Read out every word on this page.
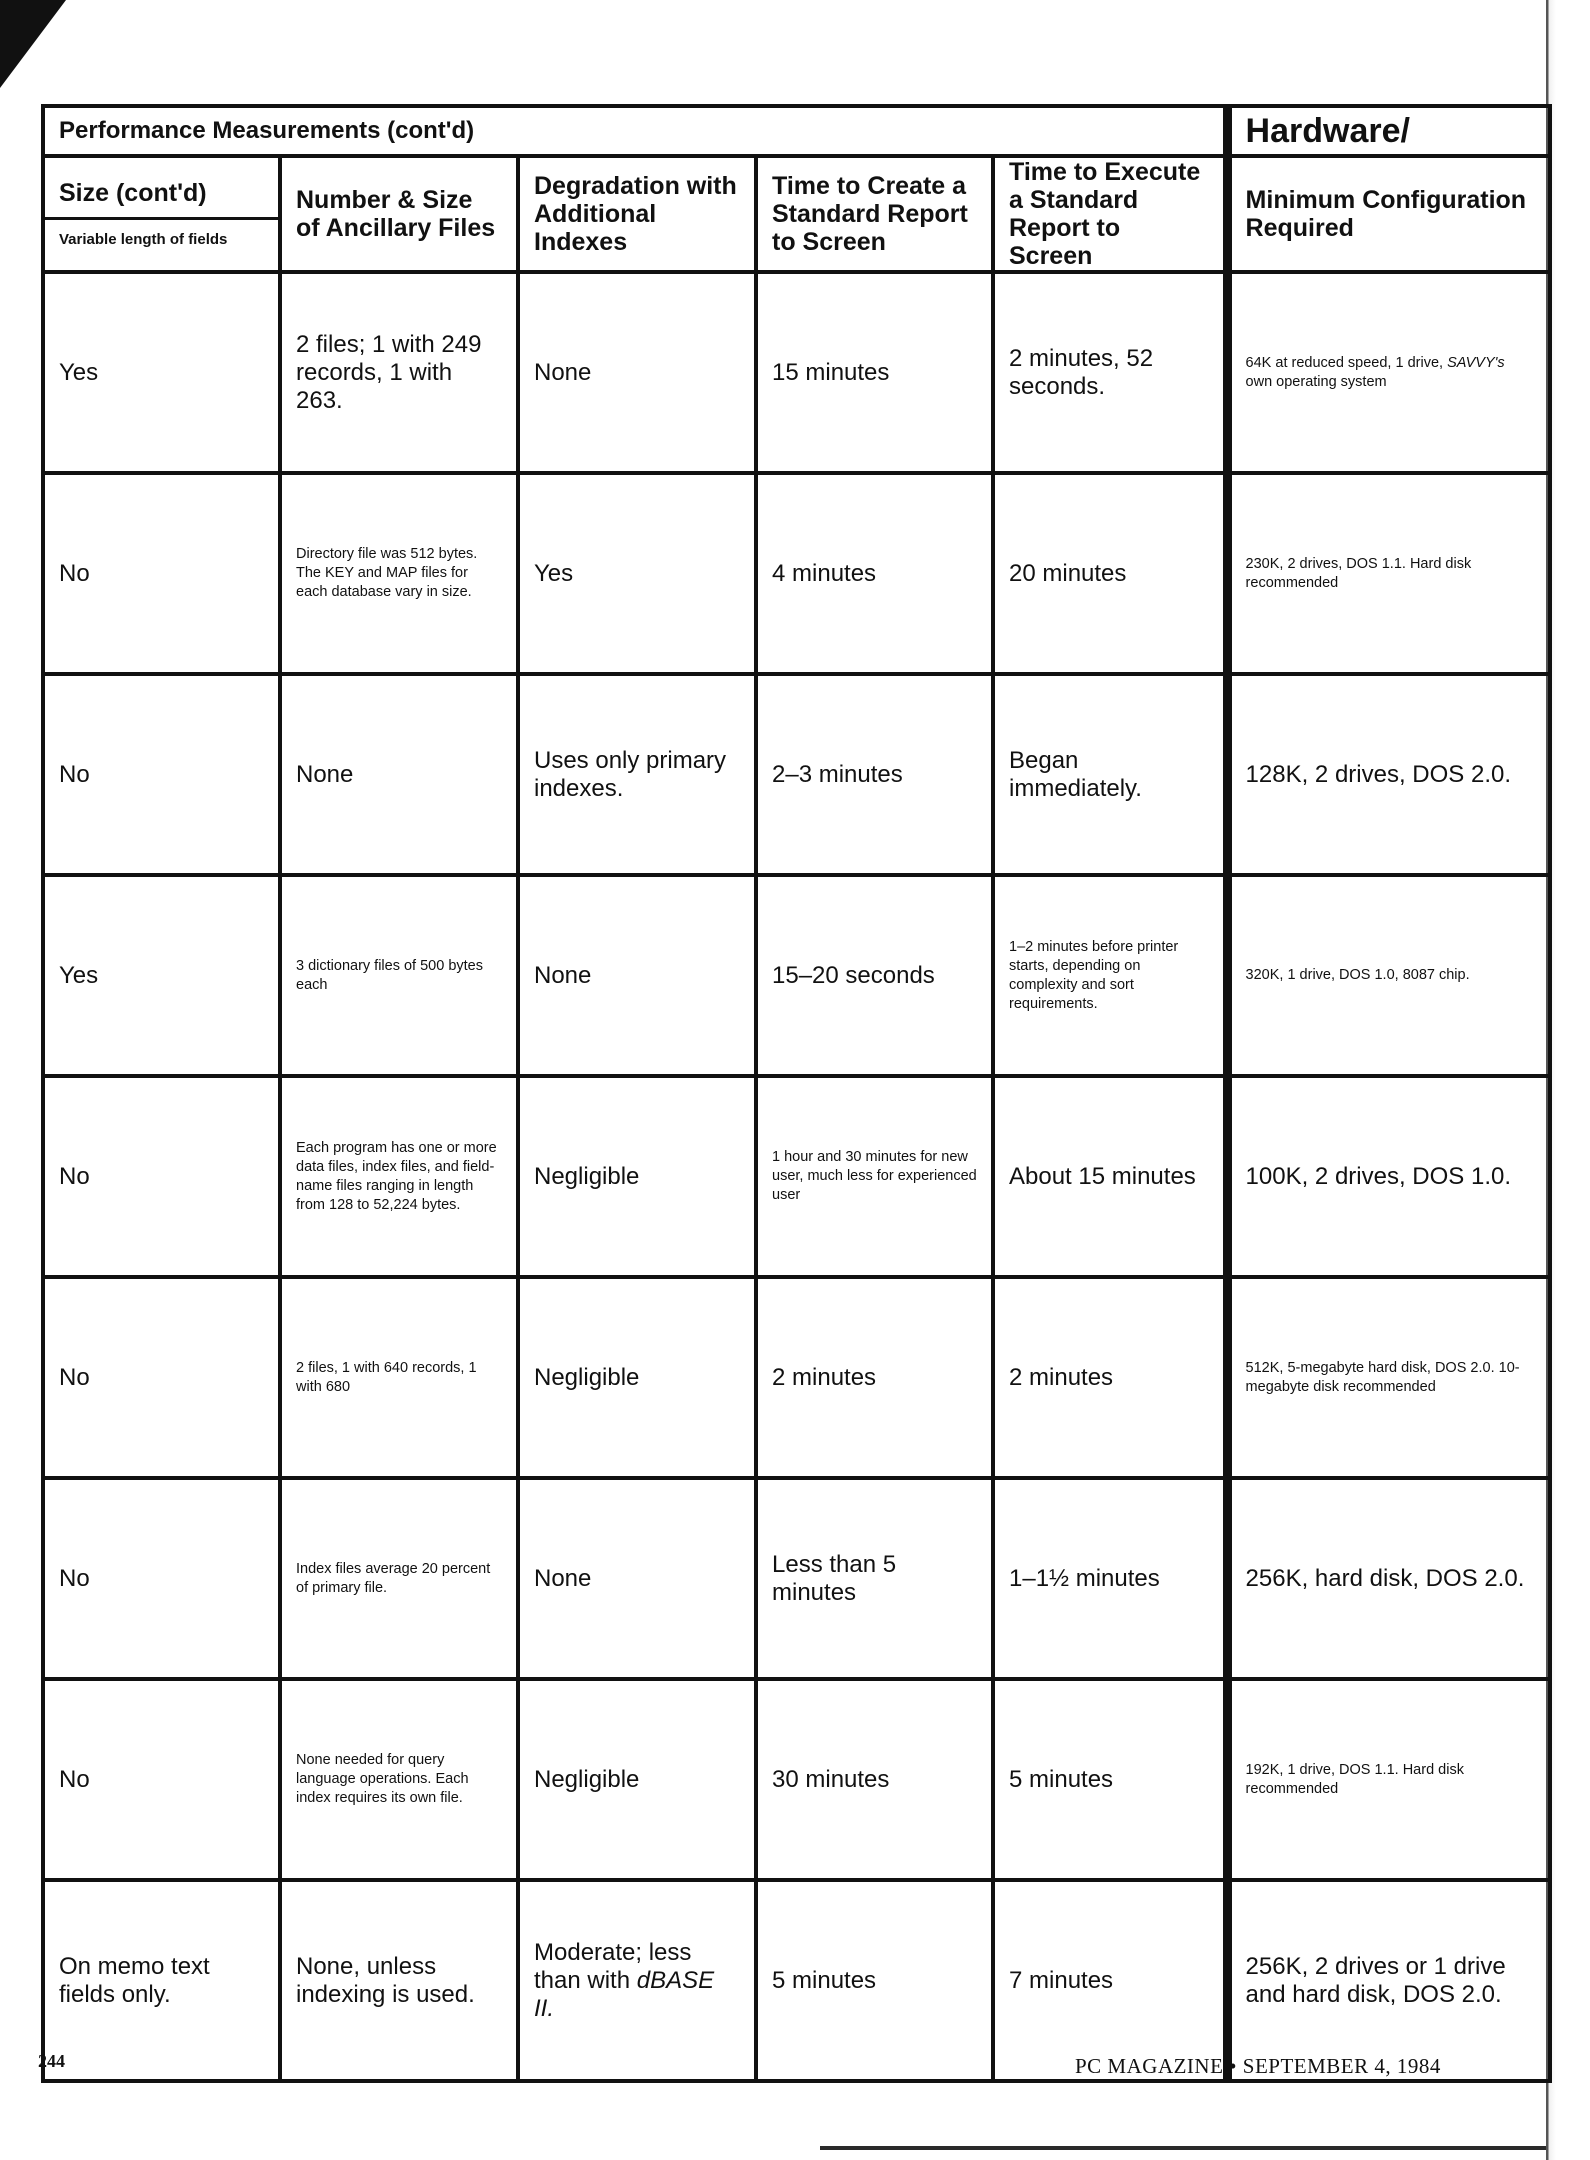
Performance Measurements (cont'd)					Hardware/

Size (cont'd)
Variable length of fields	Number & Size of Ancillary Files	Degradation with Additional Indexes	Time to Create a Standard Report to Screen	Time to Execute a Standard Report to Screen	Minimum Configuration Required
Yes	2 files; 1 with 249 records, 1 with 263.	None	15 minutes	2 minutes, 52 seconds.	64K at reduced speed, 1 drive, SAVVY's own operating system
No	Directory file was 512 bytes. The KEY and MAP files for each database vary in size.	Yes	4 minutes	20 minutes	230K, 2 drives, DOS 1.1. Hard disk recommended
No	None	Uses only primary indexes.	2–3 minutes	Began immediately.	128K, 2 drives, DOS 2.0.
Yes	3 dictionary files of 500 bytes each	None	15–20 seconds	1–2 minutes before printer starts, depending on complexity and sort requirements.	320K, 1 drive, DOS 1.0, 8087 chip.
No	Each program has one or more data files, index files, and field-name files ranging in length from 128 to 52,224 bytes.	Negligible	1 hour and 30 minutes for new user, much less for experienced user	About 15 minutes	100K, 2 drives, DOS 1.0.
No	2 files, 1 with 640 records, 1 with 680	Negligible	2 minutes	2 minutes	512K, 5-megabyte hard disk, DOS 2.0. 10-megabyte disk recommended
No	Index files average 20 percent of primary file.	None	Less than 5 minutes	1–1½ minutes	256K, hard disk, DOS 2.0.
No	None needed for query language operations. Each index requires its own file.	Negligible	30 minutes	5 minutes	192K, 1 drive, DOS 1.1. Hard disk recommended
On memo text fields only.	None, unless indexing is used.	Moderate; less than with dBASE II.	5 minutes	7 minutes	256K, 2 drives or 1 drive and hard disk, DOS 2.0.
244	PC MAGAZINE • SEPTEMBER 4, 1984
